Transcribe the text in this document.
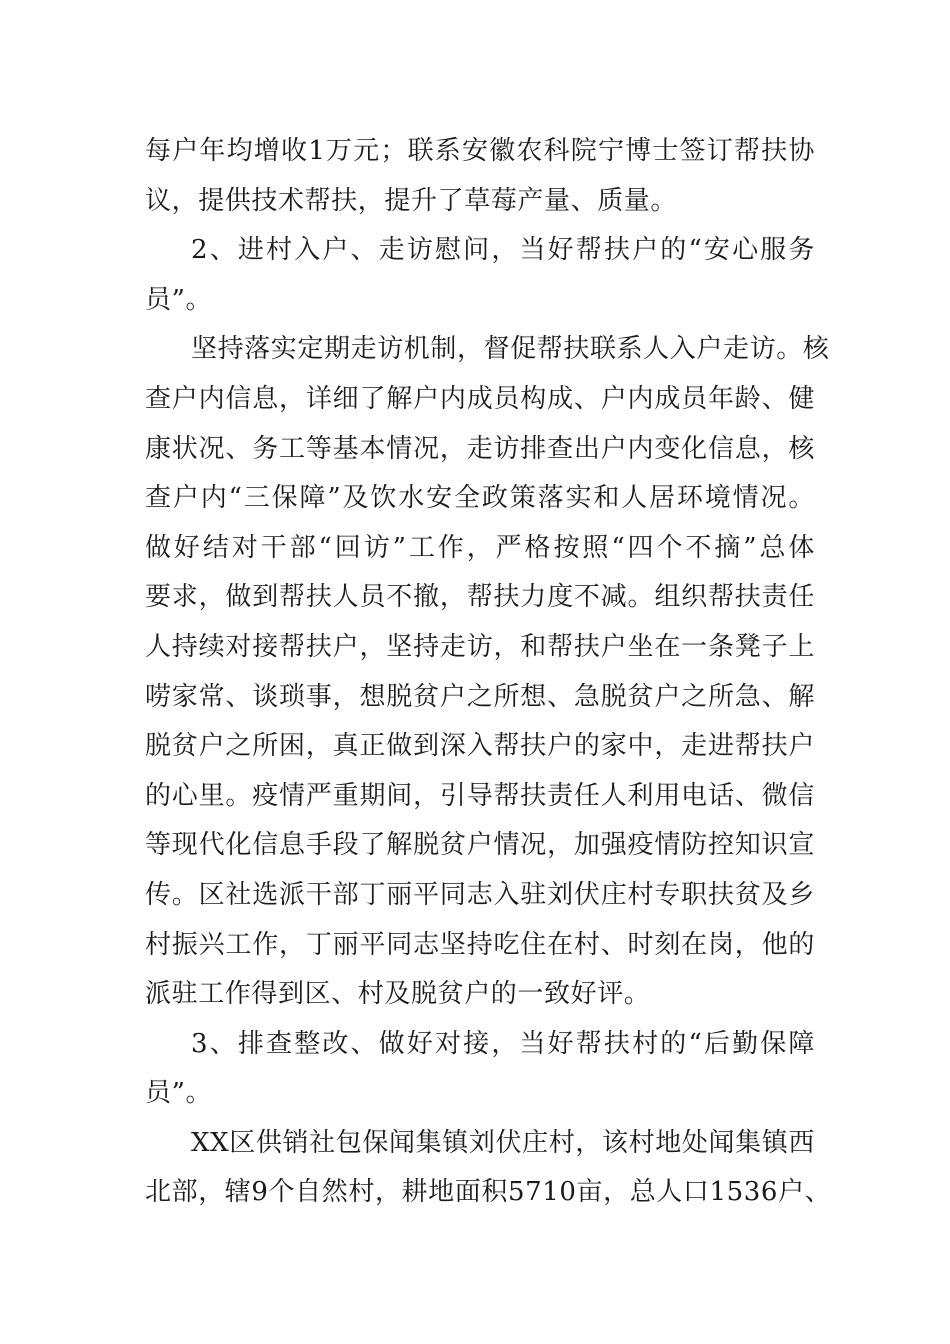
每户年均增收1万元；联系安徽农科院宁博士签订帮扶协
议，提供技术帮扶，提升了草莓产量、质量。
2、进村入户、走访慰问，当好帮扶户的“安心服务
员”。
坚持落实定期走访机制，督促帮扶联系人入户走访。核
查户内信息，详细了解户内成员构成、户内成员年龄、健
康状况、务工等基本情况，走访排查出户内变化信息，核
查户内“三保障”及饮水安全政策落实和人居环境情况。
做好结对干部“回访”工作，严格按照“四个不摘”总体
要求，做到帮扶人员不撤，帮扶力度不减。组织帮扶责任
人持续对接帮扶户，坚持走访，和帮扶户坐在一条凳子上
唠家常、谈琐事，想脱贫户之所想、急脱贫户之所急、解
脱贫户之所困，真正做到深入帮扶户的家中，走进帮扶户
的心里。疫情严重期间，引导帮扶责任人利用电话、微信
等现代化信息手段了解脱贫户情况，加强疫情防控知识宣
传。区社选派干部丁丽平同志入驻刘伏庄村专职扶贫及乡
村振兴工作，丁丽平同志坚持吃住在村、时刻在岗，他的
派驻工作得到区、村及脱贫户的一致好评。
3、排查整改、做好对接，当好帮扶村的“后勤保障
员”。
XX区供销社包保闻集镇刘伏庄村，该村地处闻集镇西
北部，辖9个自然村，耕地面积5710亩，总人口1536户、
